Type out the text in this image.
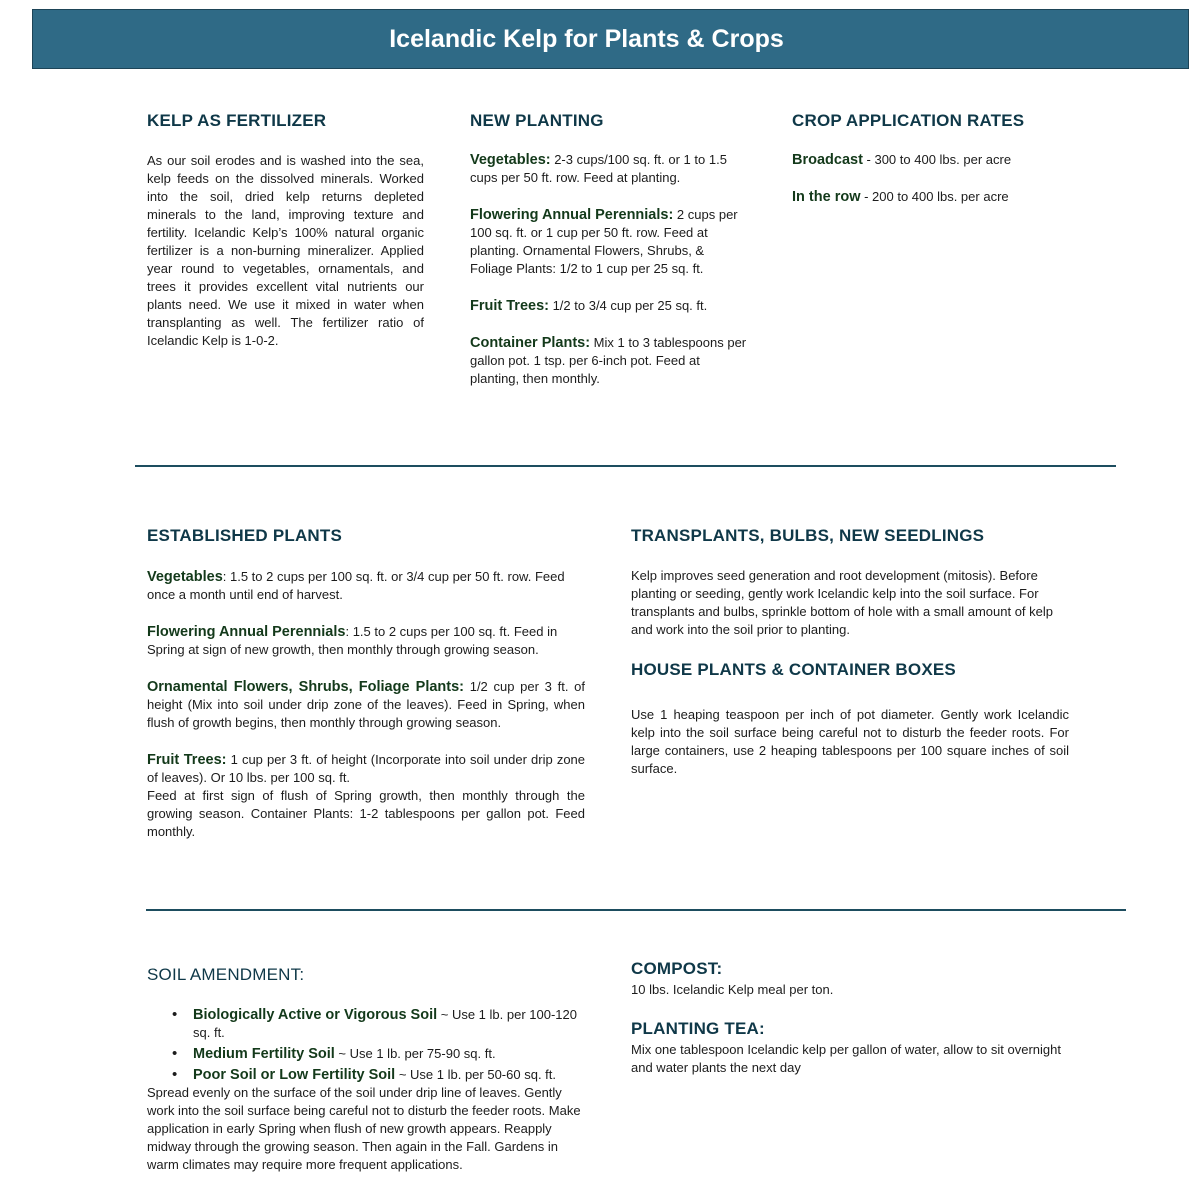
Icelandic Kelp for Plants & Crops
KELP AS FERTILIZER

As our soil erodes and is washed into the sea, kelp feeds on the dissolved minerals. Worked into the soil, dried kelp returns depleted minerals to the land, improving texture and fertility. Icelandic Kelp’s 100% natural organic fertilizer is a non-burning mineralizer. Applied year round to vegetables, ornamentals, and trees it provides excellent vital nutrients our plants need. We use it mixed in water when transplanting as well. The fertilizer ratio of Icelandic Kelp is 1-0-2.

NEW PLANTING

Vegetables: 2-3 cups/100 sq. ft. or 1 to 1.5 cups per 50 ft. row. Feed at planting.

Flowering Annual Perennials: 2 cups per 100 sq. ft. or 1 cup per 50 ft. row. Feed at planting. Ornamental Flowers, Shrubs, & Foliage Plants: 1/2 to 1 cup per 25 sq. ft.

Fruit Trees: 1/2 to 3/4 cup per 25 sq. ft.

Container Plants: Mix 1 to 3 tablespoons per gallon pot. 1 tsp. per 6-inch pot. Feed at planting, then monthly.

CROP APPLICATION RATES

Broadcast - 300 to 400 lbs. per acre

In the row - 200 to 400 lbs. per acre

ESTABLISHED PLANTS

Vegetables: 1.5 to 2 cups per 100 sq. ft. or 3/4 cup per 50 ft. row. Feed once a month until end of harvest.

Flowering Annual Perennials: 1.5 to 2 cups per 100 sq. ft. Feed in Spring at sign of new growth, then monthly through growing season.

Ornamental Flowers, Shrubs, Foliage Plants: 1/2 cup per 3 ft. of height (Mix into soil under drip zone of the leaves). Feed in Spring, when flush of growth begins, then monthly through growing season.

Fruit Trees: 1 cup per 3 ft. of height (Incorporate into soil under drip zone of leaves). Or 10 lbs. per 100 sq. ft.

Feed at first sign of flush of Spring growth, then monthly through the growing season. Container Plants: 1-2 tablespoons per gallon pot. Feed monthly.

TRANSPLANTS, BULBS, NEW SEEDLINGS

Kelp improves seed generation and root development (mitosis). Before planting or seeding, gently work Icelandic kelp into the soil surface. For transplants and bulbs, sprinkle bottom of hole with a small amount of kelp and work into the soil prior to planting.

HOUSE PLANTS & CONTAINER BOXES

Use 1 heaping teaspoon per inch of pot diameter. Gently work Icelandic kelp into the soil surface being careful not to disturb the feeder roots. For large containers, use 2 heaping tablespoons per 100 square inches of soil surface.

SOIL AMENDMENT:
• Biologically Active or Vigorous Soil ~ Use 1 lb. per 100-120 sq. ft.
• Medium Fertility Soil ~ Use 1 lb. per 75-90 sq. ft.
• Poor Soil or Low Fertility Soil ~ Use 1 lb. per 50-60 sq. ft.

Spread evenly on the surface of the soil under drip line of leaves. Gently work into the soil surface being careful not to disturb the feeder roots. Make application in early Spring when flush of new growth appears. Reapply midway through the growing season. Then again in the Fall. Gardens in warm climates may require more frequent applications.

COMPOST:

10 lbs. Icelandic Kelp meal per ton.

PLANTING TEA:

Mix one tablespoon Icelandic kelp per gallon of water, allow to sit overnight and water plants the next day
